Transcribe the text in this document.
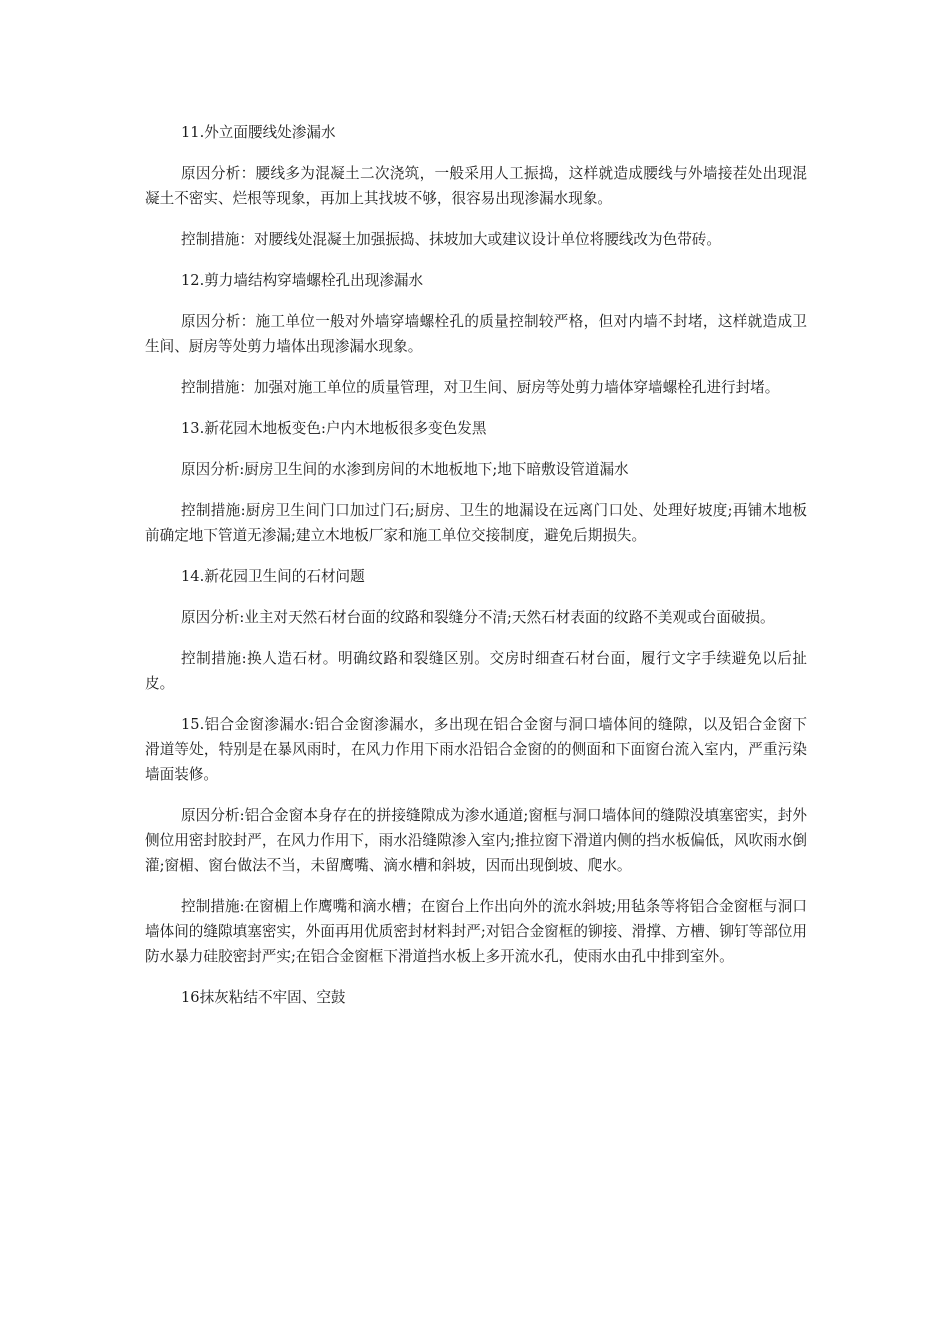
11.外立面腰线处渗漏水

原因分析：腰线多为混凝土二次浇筑，一般采用人工振捣，这样就造成腰线与外墙接茬处出现混凝土不密实、烂根等现象，再加上其找坡不够，很容易出现渗漏水现象。

控制措施：对腰线处混凝土加强振捣、抹坡加大或建议设计单位将腰线改为色带砖。

12.剪力墙结构穿墙螺栓孔出现渗漏水

原因分析：施工单位一般对外墙穿墙螺栓孔的质量控制较严格，但对内墙不封堵，这样就造成卫生间、厨房等处剪力墙体出现渗漏水现象。

控制措施：加强对施工单位的质量管理，对卫生间、厨房等处剪力墙体穿墙螺栓孔进行封堵。

13.新花园木地板变色:户内木地板很多变色发黑

原因分析:厨房卫生间的水渗到房间的木地板地下;地下暗敷设管道漏水

控制措施:厨房卫生间门口加过门石;厨房、卫生的地漏设在远离门口处、处理好坡度;再铺木地板前确定地下管道无渗漏;建立木地板厂家和施工单位交接制度，避免后期损失。

14.新花园卫生间的石材问题

原因分析:业主对天然石材台面的纹路和裂缝分不清;天然石材表面的纹路不美观或台面破损。

控制措施:换人造石材。明确纹路和裂缝区别。交房时细查石材台面，履行文字手续避免以后扯皮。

15.铝合金窗渗漏水:铝合金窗渗漏水，多出现在铝合金窗与洞口墙体间的缝隙，以及铝合金窗下滑道等处，特别是在暴风雨时，在风力作用下雨水沿铝合金窗的的侧面和下面窗台流入室内，严重污染墙面装修。

原因分析:铝合金窗本身存在的拼接缝隙成为渗水通道;窗框与洞口墙体间的缝隙没填塞密实，封外侧位用密封胶封严，在风力作用下，雨水沿缝隙渗入室内;推拉窗下滑道内侧的挡水板偏低，风吹雨水倒灌;窗楣、窗台做法不当，未留鹰嘴、滴水槽和斜坡，因而出现倒坡、爬水。

控制措施:在窗楣上作鹰嘴和滴水槽；在窗台上作出向外的流水斜坡;用毡条等将铝合金窗框与洞口墙体间的缝隙填塞密实，外面再用优质密封材料封严;对铝合金窗框的铆接、滑撑、方槽、铆钉等部位用防水暴力硅胶密封严实;在铝合金窗框下滑道挡水板上多开流水孔，使雨水由孔中排到室外。

16抹灰粘结不牢固、空鼓
